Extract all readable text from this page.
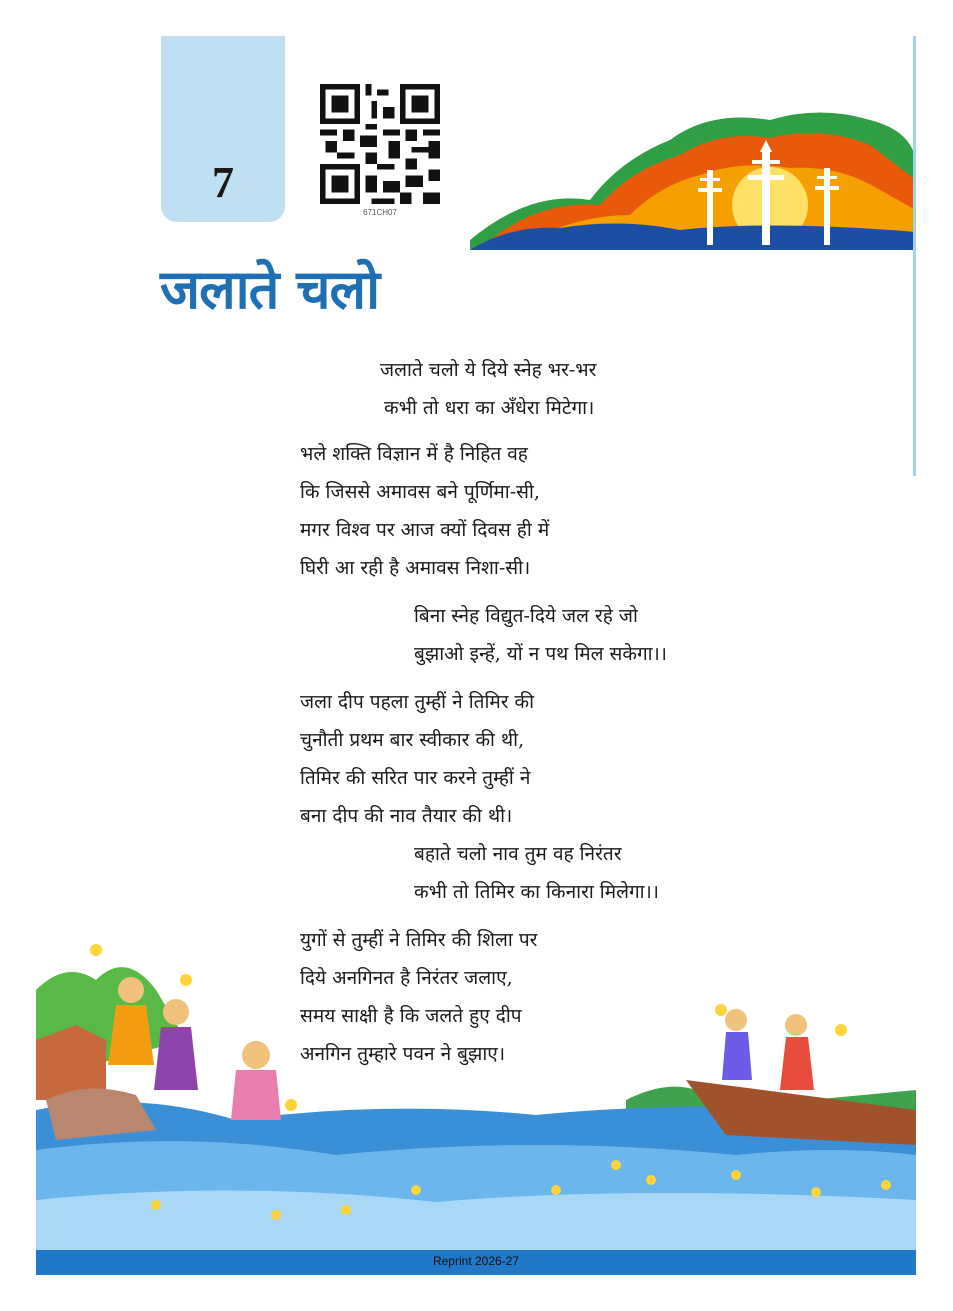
7
671CH07
जलाते चलो
जलाते चलो ये दिये स्नेह भर-भर
कभी तो धरा का अँधेरा मिटेगा।
भले शक्ति विज्ञान में है निहित वह
कि जिससे अमावस बने पूर्णिमा-सी,
मगर विश्व पर आज क्यों दिवस ही में
घिरी आ रही है अमावस निशा-सी।
बिना स्नेह विद्युत-दिये जल रहे जो
बुझाओ इन्हें, यों न पथ मिल सकेगा।।
जला दीप पहला तुम्हीं ने तिमिर की
चुनौती प्रथम बार स्वीकार की थी,
तिमिर की सरित पार करने तुम्हीं ने
बना दीप की नाव तैयार की थी।
बहाते चलो नाव तुम वह निरंतर
कभी तो तिमिर का किनारा मिलेगा।।
युगों से तुम्हीं ने तिमिर की शिला पर
दिये अनगिनत है निरंतर जलाए,
समय साक्षी है कि जलते हुए दीप
अनगिन तुम्हारे पवन ने बुझाए।
Reprint 2026-27
